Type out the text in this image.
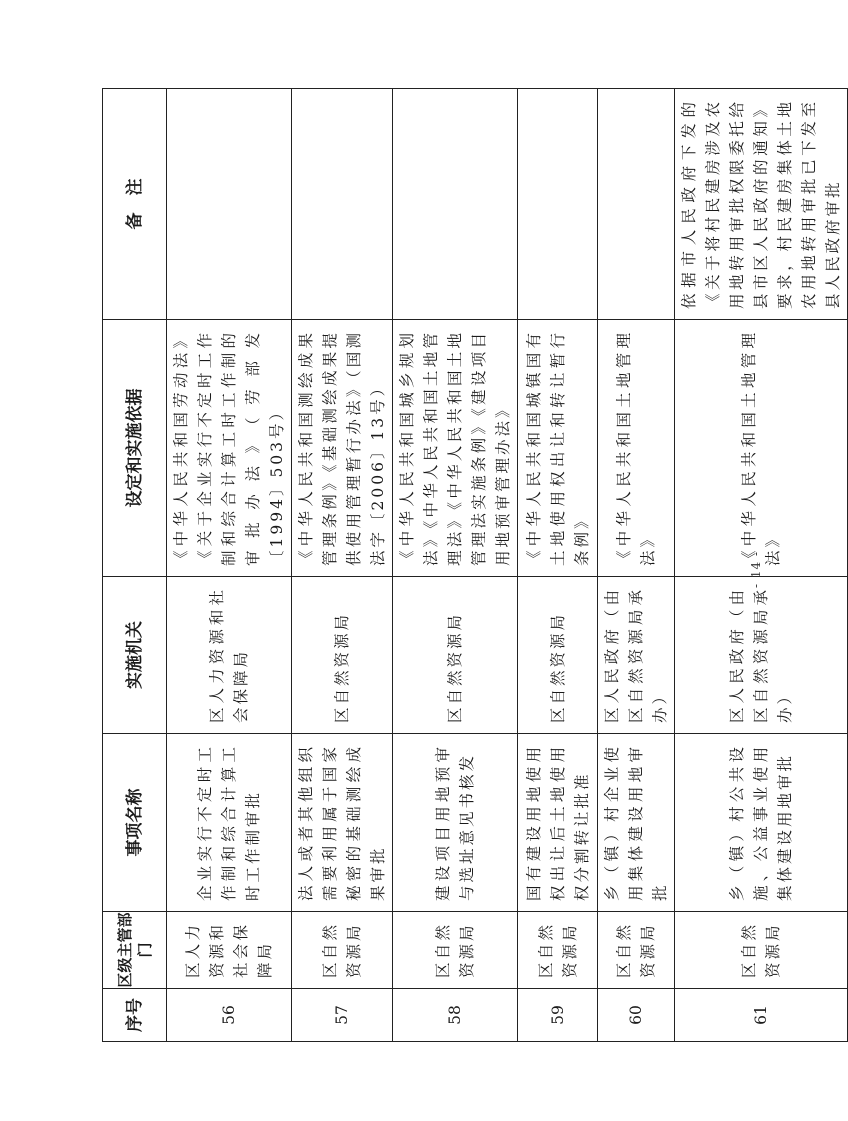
序号	区级主管部门	事项名称	实施机关	设定和实施依据	备　注
56	区人力资源和社会保障局	企业实行不定时工作制和综合计算工时工作制审批	区人力资源和社会保障局	《中华人民共和国劳动法》《关于企业实行不定时工作制和综合计算工时工作制的审批办法》（劳部发〔1994〕503号）	

57	区自然资源局	法人或者其他组织需要利用属于国家秘密的基础测绘成果审批	区自然资源局	《中华人民共和国测绘成果管理条例》《基础测绘成果提供使用管理暂行办法》（国测法字〔2006〕13号）	

58	区自然资源局	建设项目用地预审与选址意见书核发	区自然资源局	《中华人民共和国城乡规划法》《中华人民共和国土地管理法》《中华人民共和国土地管理法实施条例》《建设项目用地预审管理办法》	

59	区自然资源局	国有建设用地使用权出让后土地使用权分割转让批准	区自然资源局	《中华人民共和国城镇国有土地使用权出让和转让暂行条例》	

60	区自然资源局	乡（镇）村企业使用集体建设用地审批	区人民政府（由区自然资源局承办）	《中华人民共和国土地管理法》	

61	区自然资源局	乡（镇）村公共设施、公益事业使用集体建设用地审批	区人民政府（由区自然资源局承办）	《中华人民共和国土地管理法》	依据市人民政府下发的《关于将村民建房涉及农用地转用审批权限委托给县市区人民政府的通知》要求，村民建房集体土地农用地转用审批已下发至县人民政府审批
- 14 -
